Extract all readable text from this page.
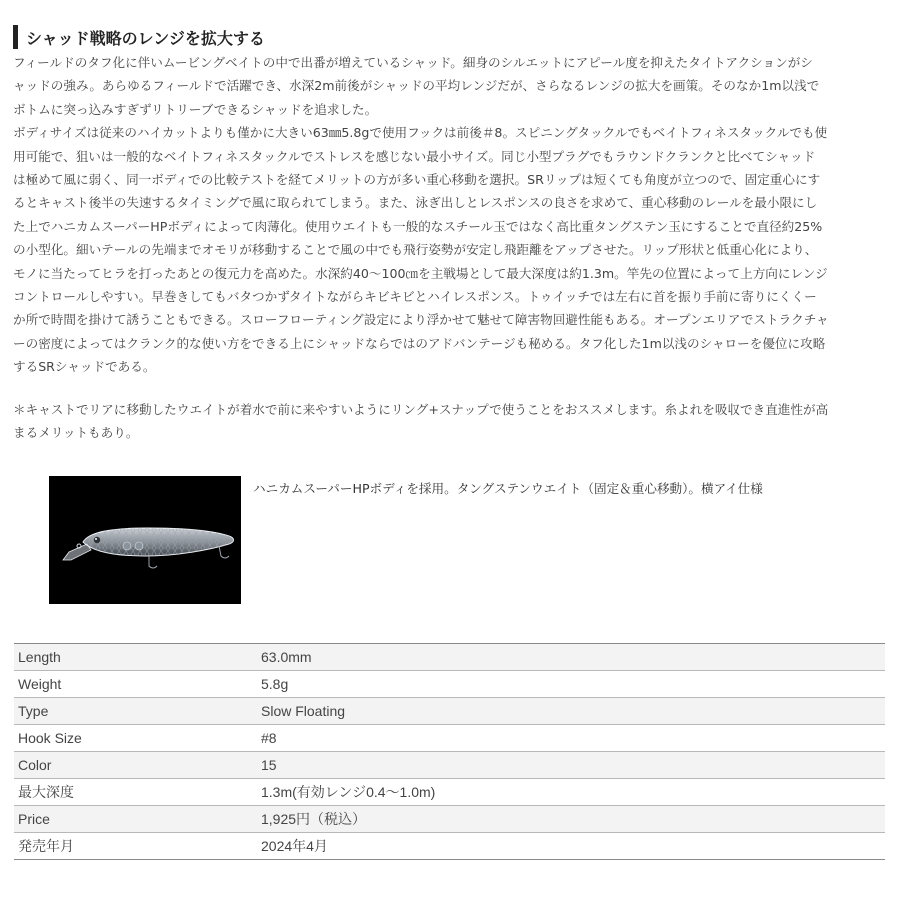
シャッド戦略のレンジを拡大する

フィールドのタフ化に伴いムービングベイトの中で出番が増えているシャッド。細身のシルエットにアピール度を抑えたタイトアクションがシ

ャッドの強み。あらゆるフィールドで活躍でき、水深2m前後がシャッドの平均レンジだが、さらなるレンジの拡大を画策。そのなか1m以浅で

ボトムに突っ込みすぎずリトリーブできるシャッドを追求した。

ボディサイズは従来のハイカットよりも僅かに大きい63㎜5.8gで使用フックは前後＃8。スピニングタックルでもベイトフィネスタックルでも使

用可能で、狙いは一般的なベイトフィネスタックルでストレスを感じない最小サイズ。同じ小型プラグでもラウンドクランクと比べてシャッド

は極めて風に弱く、同一ボディでの比較テストを経てメリットの方が多い重心移動を選択。SRリップは短くても角度が立つので、固定重心にす

るとキャスト後半の失速するタイミングで風に取られてしまう。また、泳ぎ出しとレスポンスの良さを求めて、重心移動のレールを最小限にし

た上でハニカムスーパーHPボディによって肉薄化。使用ウエイトも一般的なスチール玉ではなく高比重タングステン玉にすることで直径約25%

の小型化。細いテールの先端までオモリが移動することで風の中でも飛行姿勢が安定し飛距離をアップさせた。リップ形状と低重心化により、

モノに当たってヒラを打ったあとの復元力を高めた。水深約40～100㎝を主戦場として最大深度は約1.3m。竿先の位置によって上方向にレンジ

コントロールしやすい。早巻きしてもバタつかずタイトながらキビキビとハイレスポンス。トゥイッチでは左右に首を振り手前に寄りにくくー

か所で時間を掛けて誘うこともできる。スローフローティング設定により浮かせて魅せて障害物回避性能もある。オープンエリアでストラクチャ

ーの密度によってはクランク的な使い方をできる上にシャッドならではのアドバンテージも秘める。タフ化した1m以浅のシャローを優位に攻略

するSRシャッドである。

＊キャストでリアに移動したウエイトが着水で前に来やすいようにリング+スナップで使うことをおススメします。糸よれを吸収でき直進性が高

まるメリットもあり。

ハニカムスーパーHPボディを採用。タングステンウエイト（固定＆重心移動）。横アイ仕様
Length	63.0mm
Weight	5.8g
Type	Slow Floating
Hook Size	#8
Color	15
最大深度	1.3m(有効レンジ0.4〜1.0m)
Price	1,925円（税込）
発売年月	2024年4月
